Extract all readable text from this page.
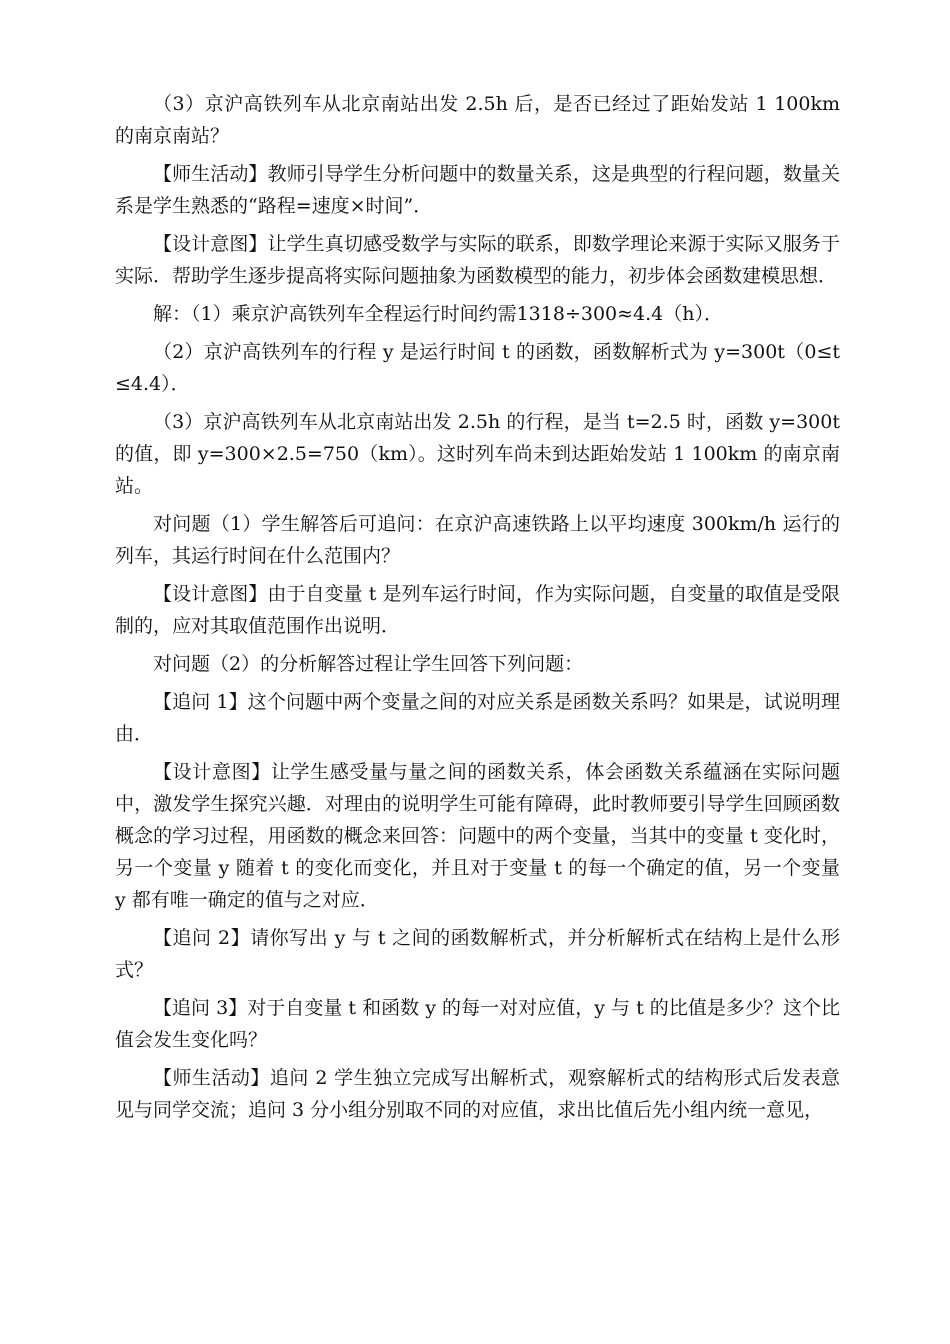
（3）京沪高铁列车从北京南站出发 2.5h 后，是否已经过了距始发站 1 100km 的南京南站？

【师生活动】教师引导学生分析问题中的数量关系，这是典型的行程问题，数量关系是学生熟悉的“路程=速度×时间”．

【设计意图】让学生真切感受数学与实际的联系，即数学理论来源于实际又服务于实际．帮助学生逐步提高将实际问题抽象为函数模型的能力，初步体会函数建模思想．

解：（1）乘京沪高铁列车全程运行时间约需1318÷300≈4.4（h）．

（2）京沪高铁列车的行程 y 是运行时间 t 的函数，函数解析式为 y=300t（0≤t≤4.4）．

（3）京沪高铁列车从北京南站出发 2.5h 的行程，是当 t=2.5 时，函数 y=300t 的值，即 y=300×2.5=750（km）。这时列车尚未到达距始发站 1 100km 的南京南站。

对问题（1）学生解答后可追问：在京沪高速铁路上以平均速度 300km/h 运行的列车，其运行时间在什么范围内？

【设计意图】由于自变量 t 是列车运行时间，作为实际问题，自变量的取值是受限制的，应对其取值范围作出说明．

对问题（2）的分析解答过程让学生回答下列问题：

【追问 1】这个问题中两个变量之间的对应关系是函数关系吗？如果是，试说明理由．

【设计意图】让学生感受量与量之间的函数关系，体会函数关系蕴涵在实际问题中，激发学生探究兴趣．对理由的说明学生可能有障碍，此时教师要引导学生回顾函数概念的学习过程，用函数的概念来回答：问题中的两个变量，当其中的变量 t 变化时，另一个变量 y 随着 t 的变化而变化，并且对于变量 t 的每一个确定的值，另一个变量 y 都有唯一确定的值与之对应．

【追问 2】请你写出 y 与 t 之间的函数解析式，并分析解析式在结构上是什么形式？

【追问 3】对于自变量 t 和函数 y 的每一对对应值，y 与 t 的比值是多少？这个比值会发生变化吗？

【师生活动】追问 2 学生独立完成写出解析式，观察解析式的结构形式后发表意见与同学交流；追问 3 分小组分别取不同的对应值，求出比值后先小组内统一意见，
